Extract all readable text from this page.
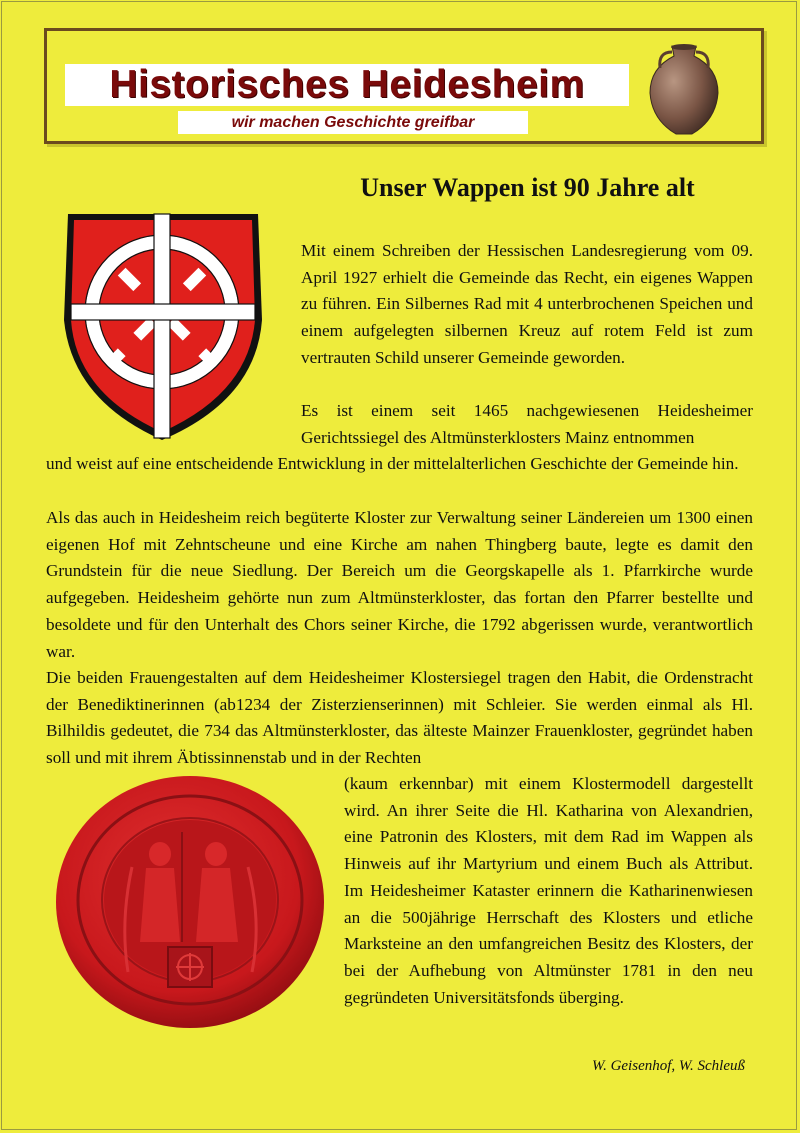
Historisches Heidesheim
wir machen Geschichte greifbar
Unser Wappen ist 90 Jahre alt

Mit einem Schreiben der Hessischen Landesregierung vom 09. April 1927 erhielt die Gemeinde das Recht, ein eigenes Wappen zu führen. Ein Silbernes Rad mit 4 unterbrochenen Speichen und einem aufgelegten silbernen Kreuz auf rotem Feld ist zum vertrauten Schild unserer Gemeinde geworden.

Es ist einem seit 1465 nachgewiesenen Heidesheimer Gerichtssiegel des Altmünsterklosters Mainz entnommen

und weist auf eine entscheidende Entwicklung in der mittelalterlichen Geschichte der Gemeinde hin.

Als das auch in Heidesheim reich begüterte Kloster zur Verwaltung seiner Ländereien um 1300 einen eigenen Hof mit Zehntscheune und eine Kirche am nahen Thingberg baute, legte es damit den Grundstein für die neue Siedlung. Der Bereich um die Georgskapelle als 1. Pfarrkirche wurde aufgegeben. Heidesheim gehörte nun zum Altmünsterkloster, das fortan den Pfarrer bestellte und besoldete und für den Unterhalt des Chors seiner Kirche, die 1792 abgerissen wurde, verantwortlich war.

Die beiden Frauengestalten auf dem Heidesheimer Klostersiegel tragen den Habit, die Ordenstracht der Benediktinerinnen (ab1234 der Zisterzienserinnen) mit Schleier. Sie werden einmal als Hl. Bilhildis gedeutet, die 734 das Altmünsterkloster, das älteste Mainzer Frauenkloster, gegründet haben soll und mit ihrem Äbtissinnenstab und in der Rechten

(kaum erkennbar) mit einem Klostermodell dargestellt wird. An ihrer Seite die Hl. Katharina von Alexandrien, eine Patronin des Klosters, mit dem Rad im Wappen als Hinweis auf ihr Martyrium und einem Buch als Attribut. Im Heidesheimer Kataster erinnern die Katharinenwiesen an die 500jährige Herrschaft des Klosters und etliche Marksteine an den umfangreichen Besitz des Klosters, der bei der Aufhebung von Altmünster 1781 in den neu gegründeten Universitätsfonds überging.

W. Geisenhof, W. Schleuß
